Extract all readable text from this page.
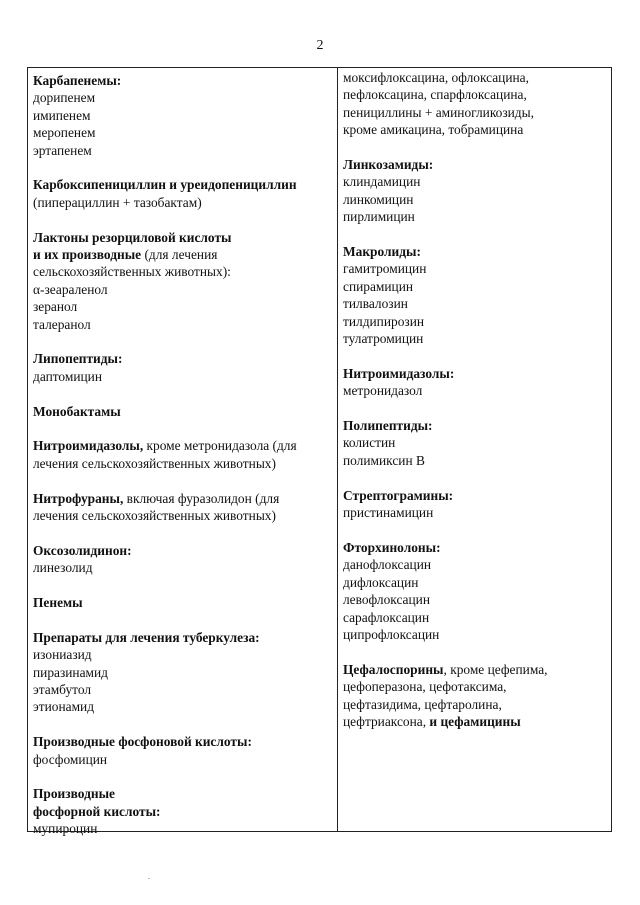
2
Карбапенемы:
дорипенем
имипенем
меропенем
эртапенем
Карбоксипенициллин и уреидопенициллин
(пиперациллин + тазобактам)
Лактоны резорциловой кислоты
и их производные (для лечения
сельскохозяйственных животных):
α-зеараленол
зеранол
талеранол
Липопептиды:
даптомицин
Монобактамы
Нитроимидазолы, кроме метронидазола (для
лечения сельскохозяйственных животных)
Нитрофураны, включая фуразолидон (для
лечения сельскохозяйственных животных)
Оксозолидинон:
линезолид
Пенемы
Препараты для лечения туберкулеза:
изониазид
пиразинамид
этамбутол
этионамид
Производные фосфоновой кислоты:
фосфомицин
Производные
фосфорной кислоты:
мупироцин
моксифлоксацина, офлоксацина,
пефлоксацина, спарфлоксацина,
пенициллины + аминогликозиды,
кроме амикацина, тобрамицина
Линкозамиды:
клиндамицин
линкомицин
пирлимицин
Макролиды:
гамитромицин
спирамицин
тилвалозин
тилдипирозин
тулатромицин
Нитроимидазолы:
метронидазол
Полипептиды:
колистин
полимиксин В
Стрептограмины:
пристинамицин
Фторхинолоны:
данофлоксацин
дифлоксацин
левофлоксацин
сарафлоксацин
ципрофлоксацин
Цефалоспорины, кроме цефепима,
цефоперазона, цефотаксима,
цефтазидима, цефтаролина,
цефтриаксона, и цефамицины
